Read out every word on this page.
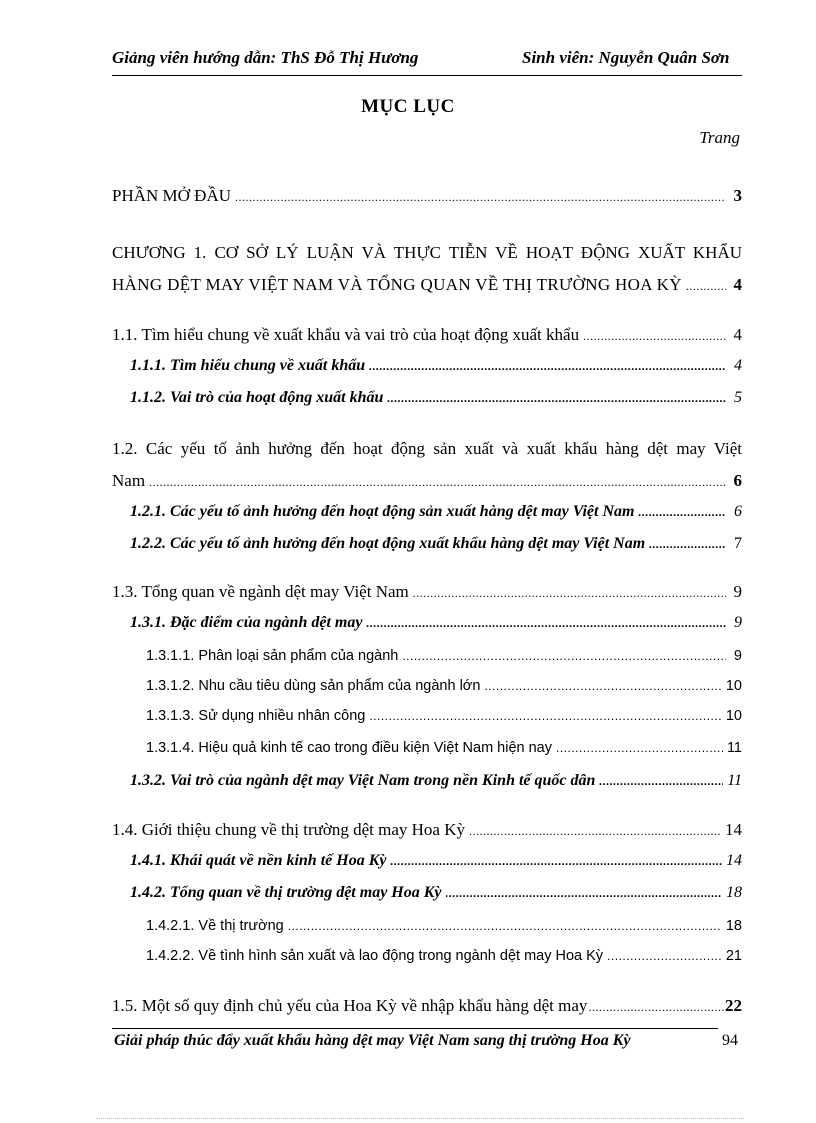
Giảng viên hướng dẫn: ThS Đỗ Thị Hương	Sinh viên: Nguyễn Quân Sơn
MỤC LỤC
Trang
PHẦN MỞ ĐẦU .....	3
CHƯƠNG 1. CƠ SỞ LÝ LUẬN VÀ THỰC TIỄN VỀ HOẠT ĐỘNG XUẤT KHẨU
HÀNG DỆT MAY VIỆT NAM VÀ TỔNG QUAN VỀ THỊ TRƯỜNG HOA KỲ .....	4
1.1. Tìm hiểu chung về xuất khẩu và vai trò của hoạt động xuất khẩu .....	4
1.1.1. Tìm hiểu chung về xuất khẩu .....	4
1.1.2. Vai trò của hoạt động xuất khẩu .....	5
1.2. Các yếu tố ảnh hưởng đến hoạt động sản xuất và xuất khẩu hàng dệt may Việt
Nam .....	6
1.2.1. Các yếu tố ảnh hưởng đến hoạt động sản xuất hàng dệt may Việt Nam .....	6
1.2.2. Các yếu tố ảnh hưởng đến hoạt động xuất khẩu hàng dệt may Việt Nam .....	7
1.3. Tổng quan về ngành dệt may Việt Nam .....	9
1.3.1. Đặc điểm của ngành dệt may .....	9
1.3.1.1. Phân loại sản phẩm của ngành .....	9
1.3.1.2. Nhu cầu tiêu dùng sản phẩm của ngành lớn .....	10
1.3.1.3. Sử dụng nhiều nhân công .....	10
1.3.1.4. Hiệu quả kinh tế cao trong điều kiện Việt Nam hiện nay .....	11
1.3.2. Vai trò của ngành dệt may Việt Nam trong nền Kinh tế quốc dân .....	11
1.4. Giới thiệu chung về thị trường dệt may Hoa Kỳ .....	14
1.4.1. Khái quát về nền kinh tế Hoa Kỳ .....	14
1.4.2. Tổng quan về thị trường dệt may Hoa Kỳ .....	18
1.4.2.1. Về thị trường .....	18
1.4.2.2. Về tình hình sản xuất và lao động trong ngành dệt may Hoa Kỳ .....	21
1.5. Một số quy định chủ yếu của Hoa Kỳ về nhập khẩu hàng dệt may .....	22
Giải pháp thúc đẩy xuất khẩu hàng dệt may Việt Nam sang thị trường Hoa Kỳ	94
